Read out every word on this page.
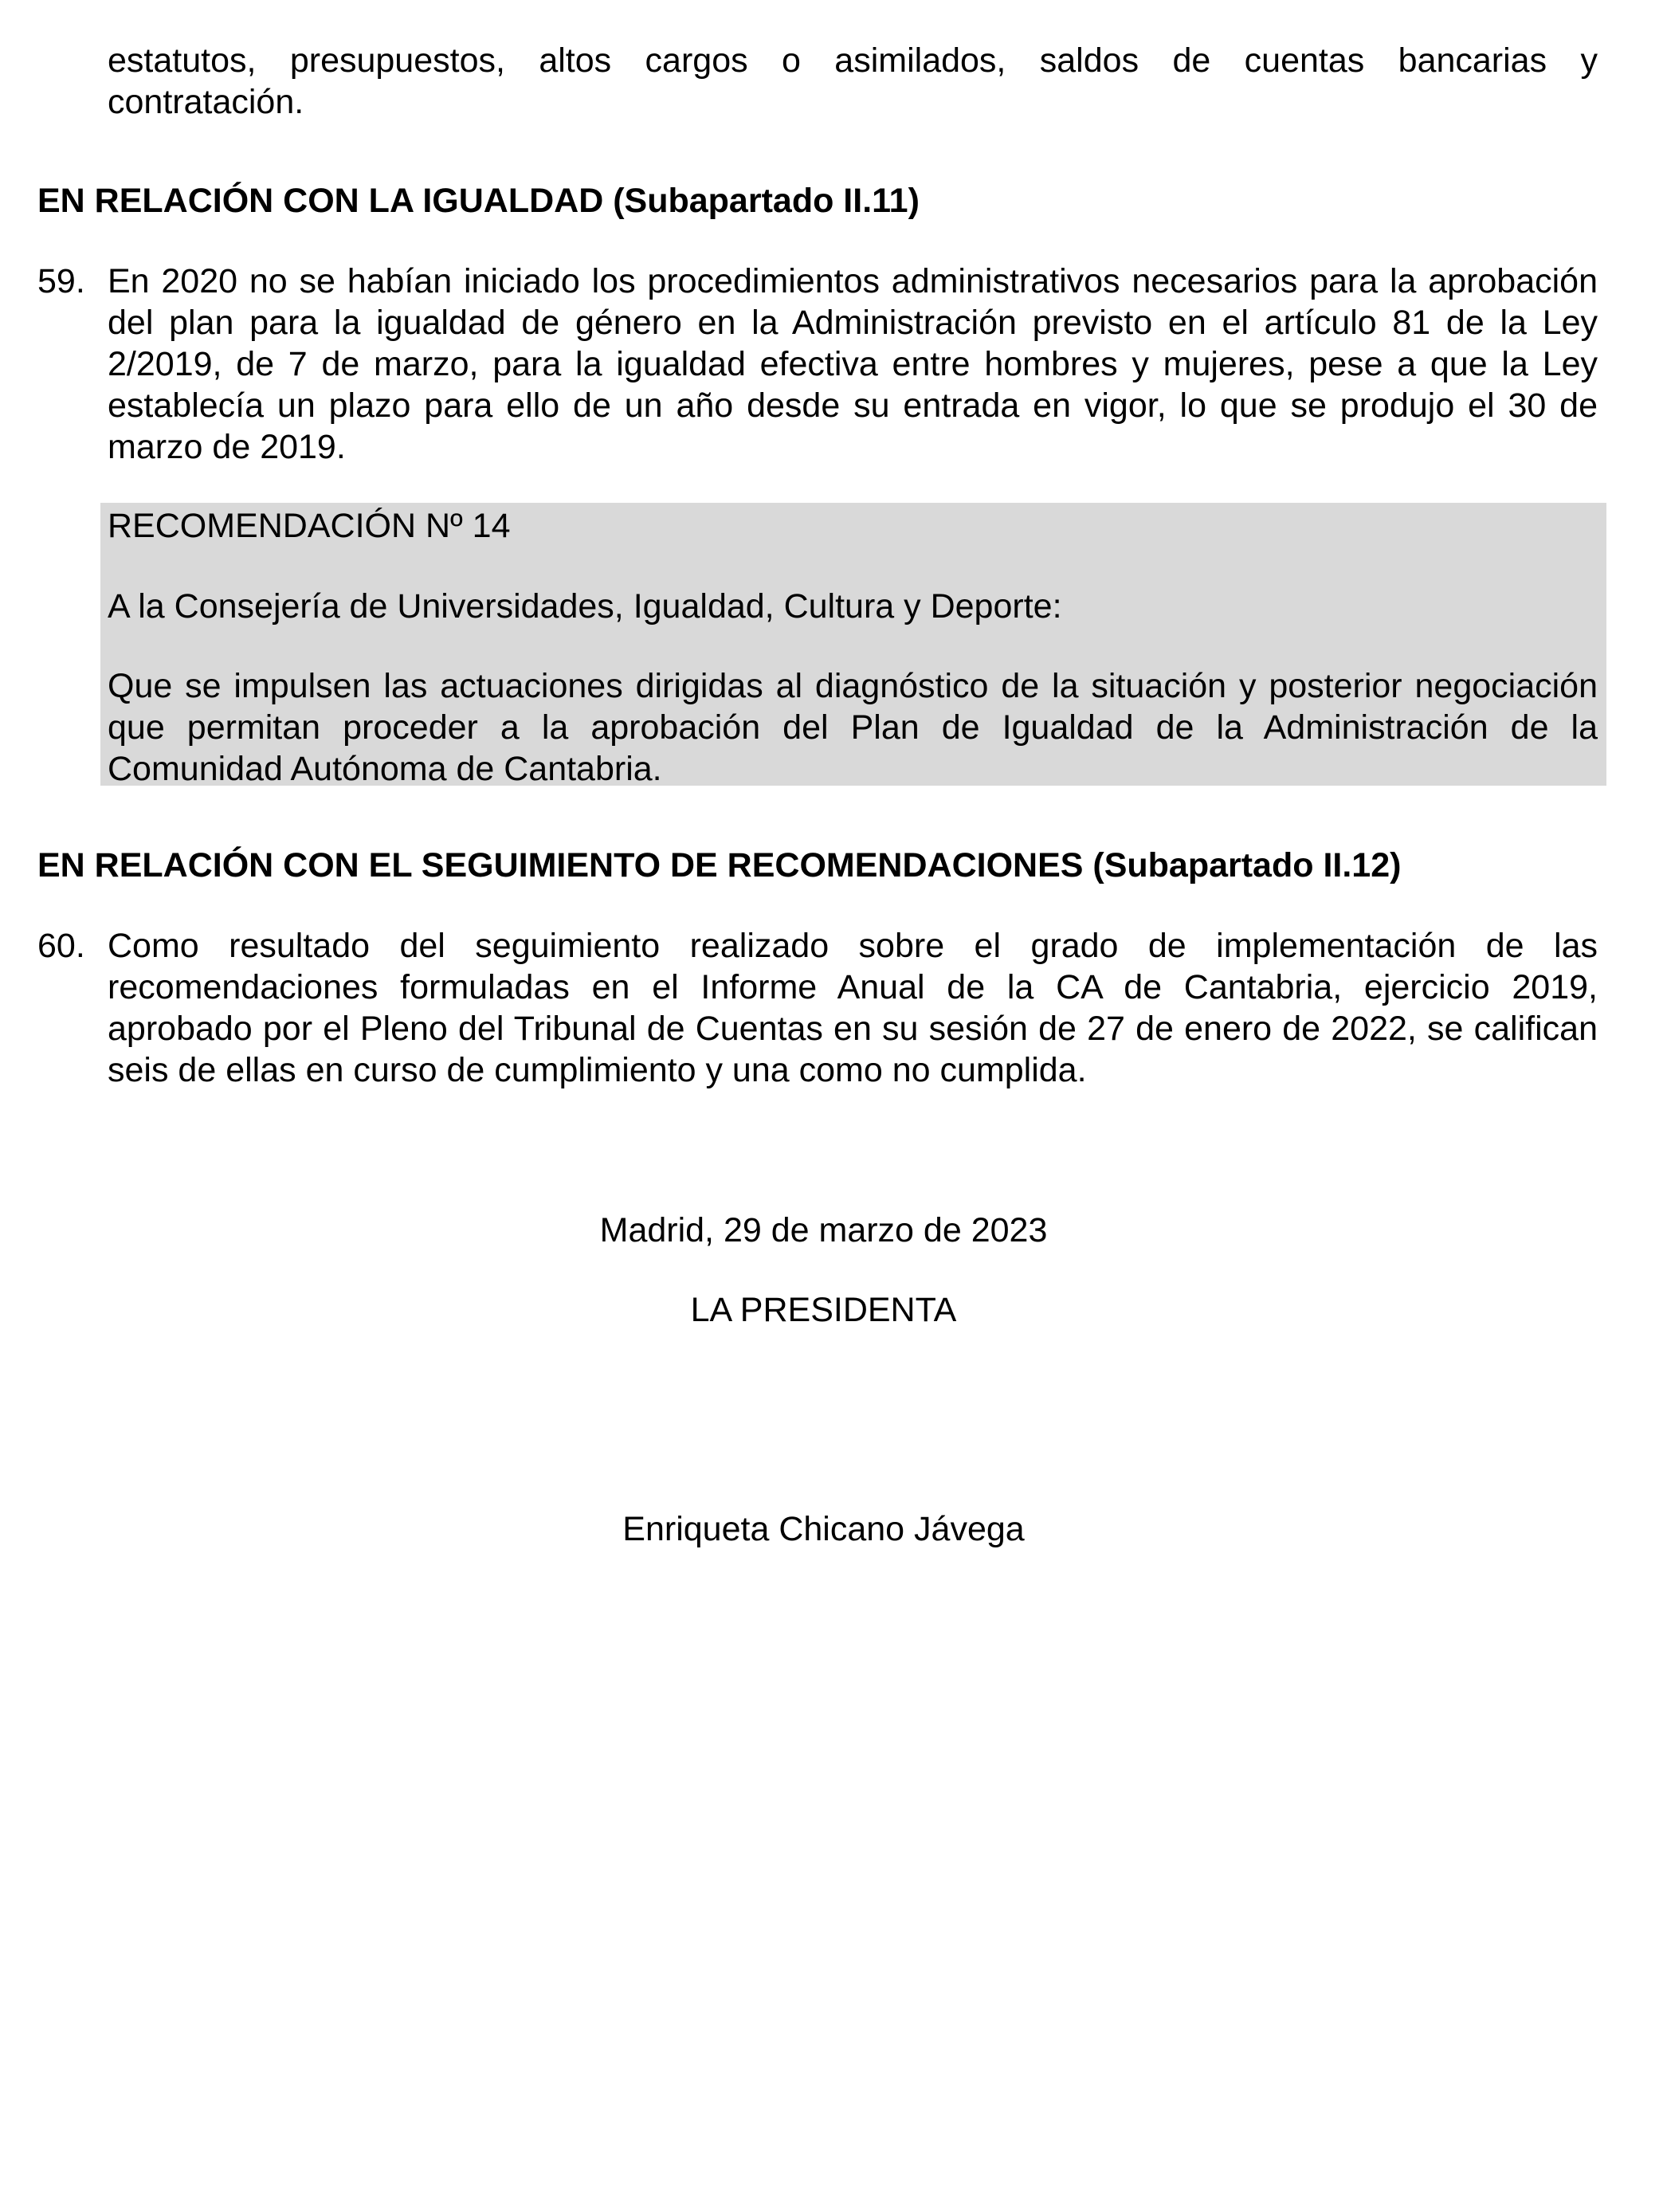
estatutos, presupuestos, altos cargos o asimilados, saldos de cuentas bancarias y
contratación.
EN RELACIÓN CON LA IGUALDAD (Subapartado II.11)
59. En 2020 no se habían iniciado los procedimientos administrativos necesarios para la aprobación del plan para la igualdad de género en la Administración previsto en el artículo 81 de la Ley 2/2019, de 7 de marzo, para la igualdad efectiva entre hombres y mujeres, pese a que la Ley establecía un plazo para ello de un año desde su entrada en vigor, lo que se produjo el 30 de marzo de 2019.
RECOMENDACIÓN Nº 14
A la Consejería de Universidades, Igualdad, Cultura y Deporte:
Que se impulsen las actuaciones dirigidas al diagnóstico de la situación y posterior negociación que permitan proceder a la aprobación del Plan de Igualdad de la Administración de la Comunidad Autónoma de Cantabria.
EN RELACIÓN CON EL SEGUIMIENTO DE RECOMENDACIONES (Subapartado II.12)
60. Como resultado del seguimiento realizado sobre el grado de implementación de las recomendaciones formuladas en el Informe Anual de la CA de Cantabria, ejercicio 2019, aprobado por el Pleno del Tribunal de Cuentas en su sesión de 27 de enero de 2022, se califican seis de ellas en curso de cumplimiento y una como no cumplida.
Madrid, 29 de marzo de 2023
LA PRESIDENTA
Enriqueta Chicano Jávega
